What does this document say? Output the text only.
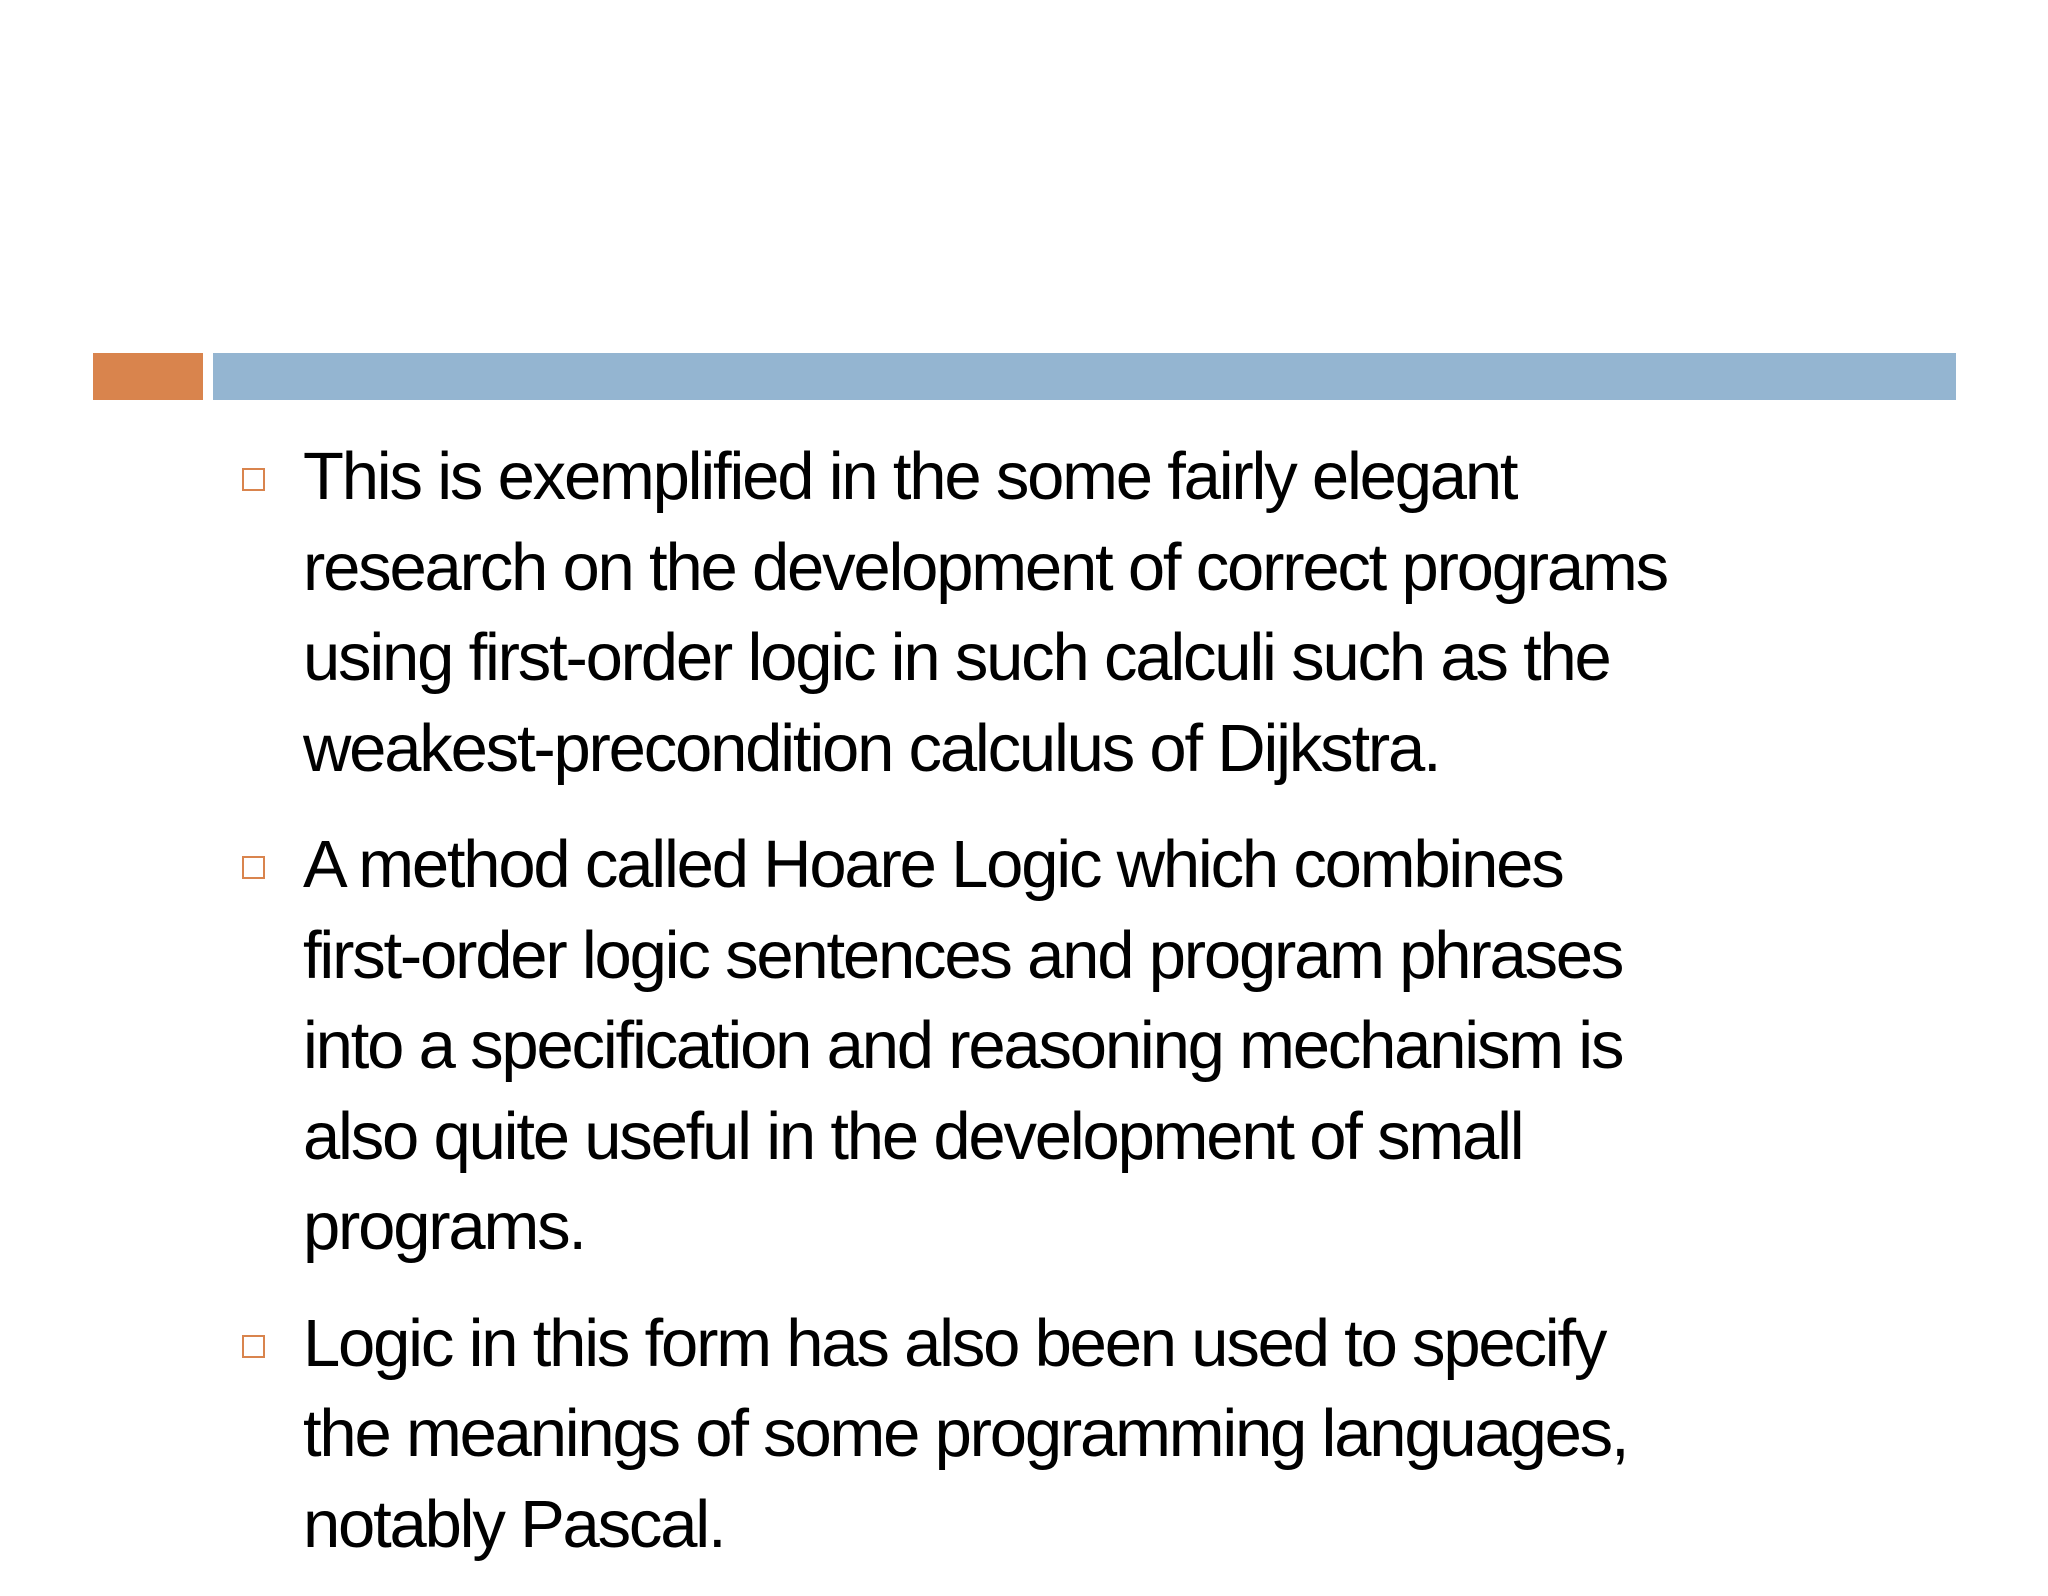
This is exemplified in the some fairly elegant
research on the development of correct programs
using first-order logic in such calculi such as the
weakest-precondition calculus of Dijkstra.
A method called Hoare Logic which combines
first-order logic sentences and program phrases
into a specification and reasoning mechanism is
also quite useful in the development of small
programs.
Logic in this form has also been used to specify
the meanings of some programming languages,
notably Pascal.
